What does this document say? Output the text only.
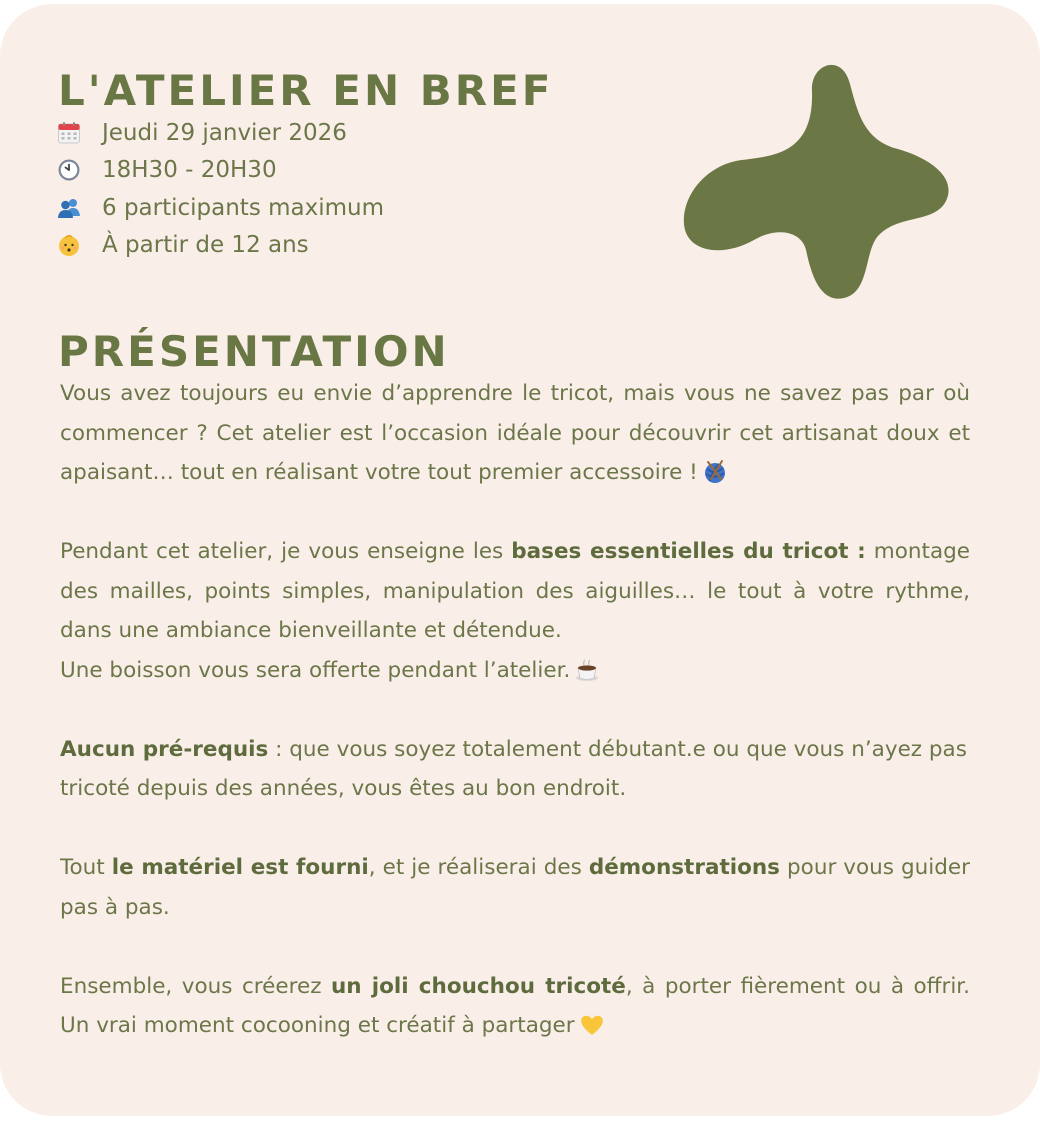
L'ATELIER EN BREF
Jeudi 29 janvier 2026
18H30 - 20H30
6 participants maximum
À partir de 12 ans
PRÉSENTATION

Vous avez toujours eu envie d’apprendre le tricot, mais vous ne savez pas par où commencer ? Cet atelier est l’occasion idéale pour découvrir cet artisanat doux et apaisant… tout en réalisant votre tout premier accessoire !

Pendant cet atelier, je vous enseigne les bases essentielles du tricot : montage des mailles, points simples, manipulation des aiguilles… le tout à votre rythme, dans une ambiance bienveillante et détendue.
Une boisson vous sera offerte pendant l’atelier.

Aucun pré-requis : que vous soyez totalement débutant.e ou que vous n’ayez pas tricoté depuis des années, vous êtes au bon endroit.

Tout le matériel est fourni, et je réaliserai des démonstrations pour vous guider pas à pas.

Ensemble, vous créerez un joli chouchou tricoté, à porter fièrement ou à offrir. Un vrai moment cocooning et créatif à partager
